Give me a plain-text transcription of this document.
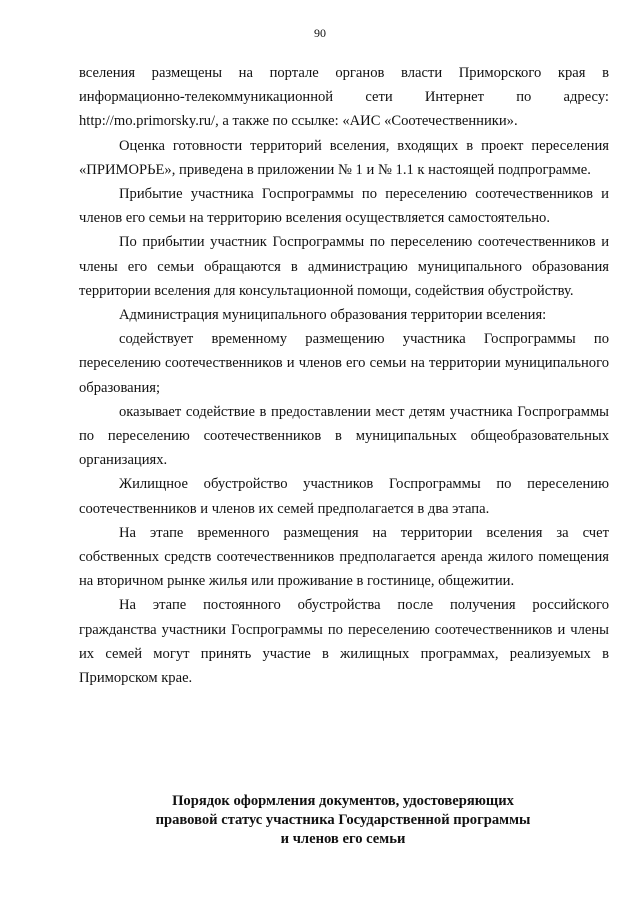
90

вселения размещены на портале органов власти Приморского края в информационно-телекоммуникационной сети Интернет по адресу: http://mo.primorsky.ru/, а также по ссылке: «АИС «Соотечественники».

Оценка готовности территорий вселения, входящих в проект переселения «ПРИМОРЬЕ», приведена в приложении № 1 и № 1.1 к настоящей подпрограмме.

Прибытие участника Госпрограммы по переселению соотечественников и членов его семьи на территорию вселения осуществляется самостоятельно.

По прибытии участник Госпрограммы по переселению соотечественников и члены его семьи обращаются в администрацию муниципального образования территории вселения для консультационной помощи, содействия обустройству.

Администрация муниципального образования территории вселения:

содействует временному размещению участника Госпрограммы по переселению соотечественников и членов его семьи на территории муниципального образования;

оказывает содействие в предоставлении мест детям участника Госпрограммы по переселению соотечественников в муниципальных общеобразовательных организациях.

Жилищное обустройство участников Госпрограммы по переселению соотечественников и членов их семей предполагается в два этапа.

На этапе временного размещения на территории вселения за счет собственных средств соотечественников предполагается аренда жилого помещения на вторичном рынке жилья или проживание в гостинице, общежитии.

На этапе постоянного обустройства после получения российского гражданства участники Госпрограммы по переселению соотечественников и члены их семей могут принять участие в жилищных программах, реализуемых в Приморском крае.

Порядок оформления документов, удостоверяющих правовой статус участника Государственной программы и членов его семьи
